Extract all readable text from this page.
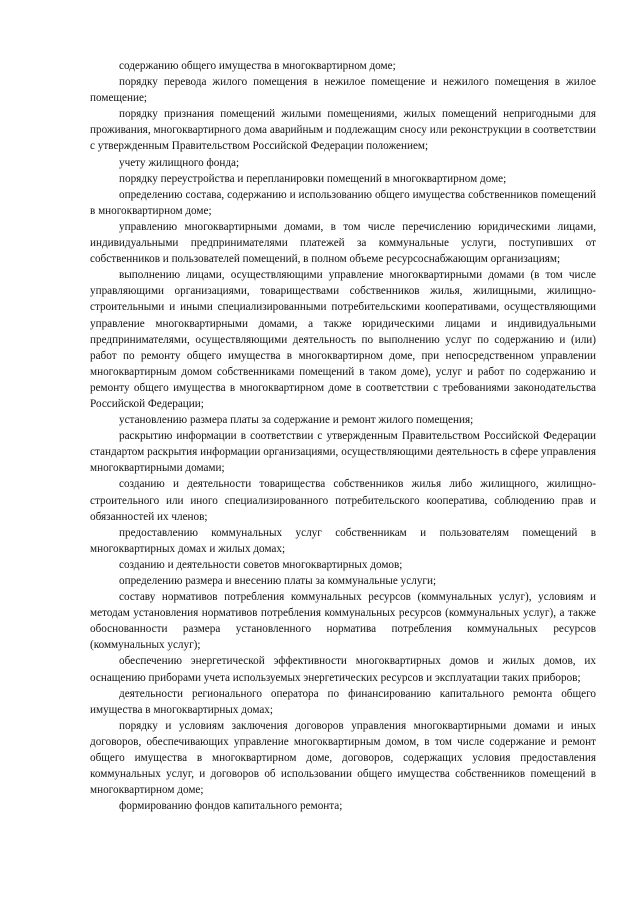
содержанию общего имущества в многоквартирном доме;

порядку перевода жилого помещения в нежилое помещение и нежилого помещения в жилое помещение;

порядку признания помещений жилыми помещениями, жилых помещений непригодными для проживания, многоквартирного дома аварийным и подлежащим сносу или реконструкции в соответствии с утвержденным Правительством Российской Федерации положением;

учету жилищного фонда;

порядку переустройства и перепланировки помещений в многоквартирном доме;

определению состава, содержанию и использованию общего имущества собственников помещений в многоквартирном доме;

управлению многоквартирными домами, в том числе перечислению юридическими лицами, индивидуальными предпринимателями платежей за коммунальные услуги, поступивших от собственников и пользователей помещений, в полном объеме ресурсоснабжающим организациям;

выполнению лицами, осуществляющими управление многоквартирными домами (в том числе управляющими организациями, товариществами собственников жилья, жилищными, жилищно-строительными и иными специализированными потребительскими кооперативами, осуществляющими управление многоквартирными домами, а также юридическими лицами и индивидуальными предпринимателями, осуществляющими деятельность по выполнению услуг по содержанию и (или) работ по ремонту общего имущества в многоквартирном доме, при непосредственном управлении многоквартирным домом собственниками помещений в таком доме), услуг и работ по содержанию и ремонту общего имущества в многоквартирном доме в соответствии с требованиями законодательства Российской Федерации;

установлению размера платы за содержание и ремонт жилого помещения;

раскрытию информации в соответствии с утвержденным Правительством Российской Федерации стандартом раскрытия информации организациями, осуществляющими деятельность в сфере управления многоквартирными домами;

созданию и деятельности товарищества собственников жилья либо жилищного, жилищно-строительного или иного специализированного потребительского кооператива, соблюдению прав и обязанностей их членов;

предоставлению коммунальных услуг собственникам и пользователям помещений в многоквартирных домах и жилых домах;

созданию и деятельности советов многоквартирных домов;

определению размера и внесению платы за коммунальные услуги;

составу нормативов потребления коммунальных ресурсов (коммунальных услуг), условиям и методам установления нормативов потребления коммунальных ресурсов (коммунальных услуг), а также обоснованности размера установленного норматива потребления коммунальных ресурсов (коммунальных услуг);

обеспечению энергетической эффективности многоквартирных домов и жилых домов, их оснащению приборами учета используемых энергетических ресурсов и эксплуатации таких приборов;

деятельности регионального оператора по финансированию капитального ремонта общего имущества в многоквартирных домах;

порядку и условиям заключения договоров управления многоквартирными домами и иных договоров, обеспечивающих управление многоквартирным домом, в том числе содержание и ремонт общего имущества в многоквартирном доме, договоров, содержащих условия предоставления коммунальных услуг, и договоров об использовании общего имущества собственников помещений в многоквартирном доме;

формированию фондов капитального ремонта;
